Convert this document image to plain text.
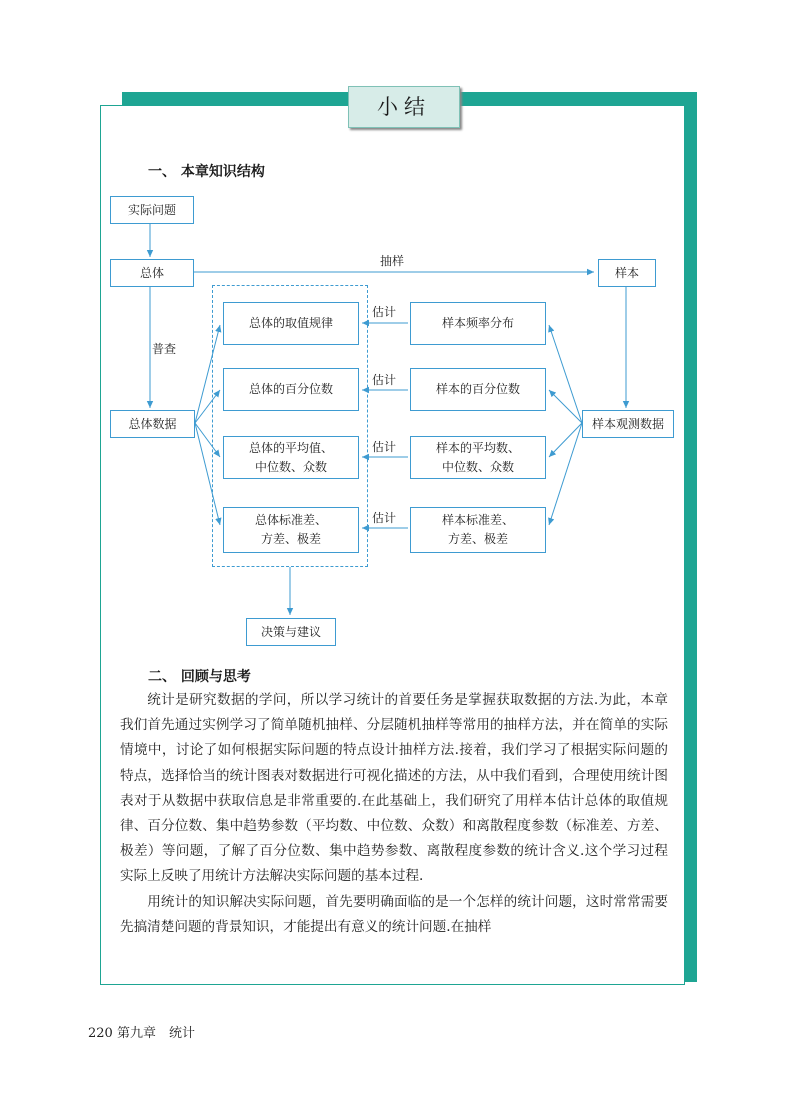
小结
一、 本章知识结构
实际问题
总体
抽样
样本
普查
总体数据	样本观测数据
总体的取值规律
总体的百分位数
总体的平均值、
中位数、众数
总体标准差、
方差、极差
样本频率分布
样本的百分位数
样本的平均数、
中位数、众数
样本标准差、
方差、极差
估计
估计
估计
估计
决策与建议
二、 回顾与思考

统计是研究数据的学问，所以学习统计的首要任务是掌握获取数据的方法.为此，本章我们首先通过实例学习了简单随机抽样、分层随机抽样等常用的抽样方法，并在简单的实际情境中，讨论了如何根据实际问题的特点设计抽样方法.接着，我们学习了根据实际问题的特点，选择恰当的统计图表对数据进行可视化描述的方法，从中我们看到，合理使用统计图表对于从数据中获取信息是非常重要的.在此基础上，我们研究了用样本估计总体的取值规律、百分位数、集中趋势参数（平均数、中位数、众数）和离散程度参数（标准差、方差、极差）等问题，了解了百分位数、集中趋势参数、离散程度参数的统计含义.这个学习过程实际上反映了用统计方法解决实际问题的基本过程.

用统计的知识解决实际问题，首先要明确面临的是一个怎样的统计问题，这时常常需要先搞清楚问题的背景知识，才能提出有意义的统计问题.在抽样

220 第九章　统计
